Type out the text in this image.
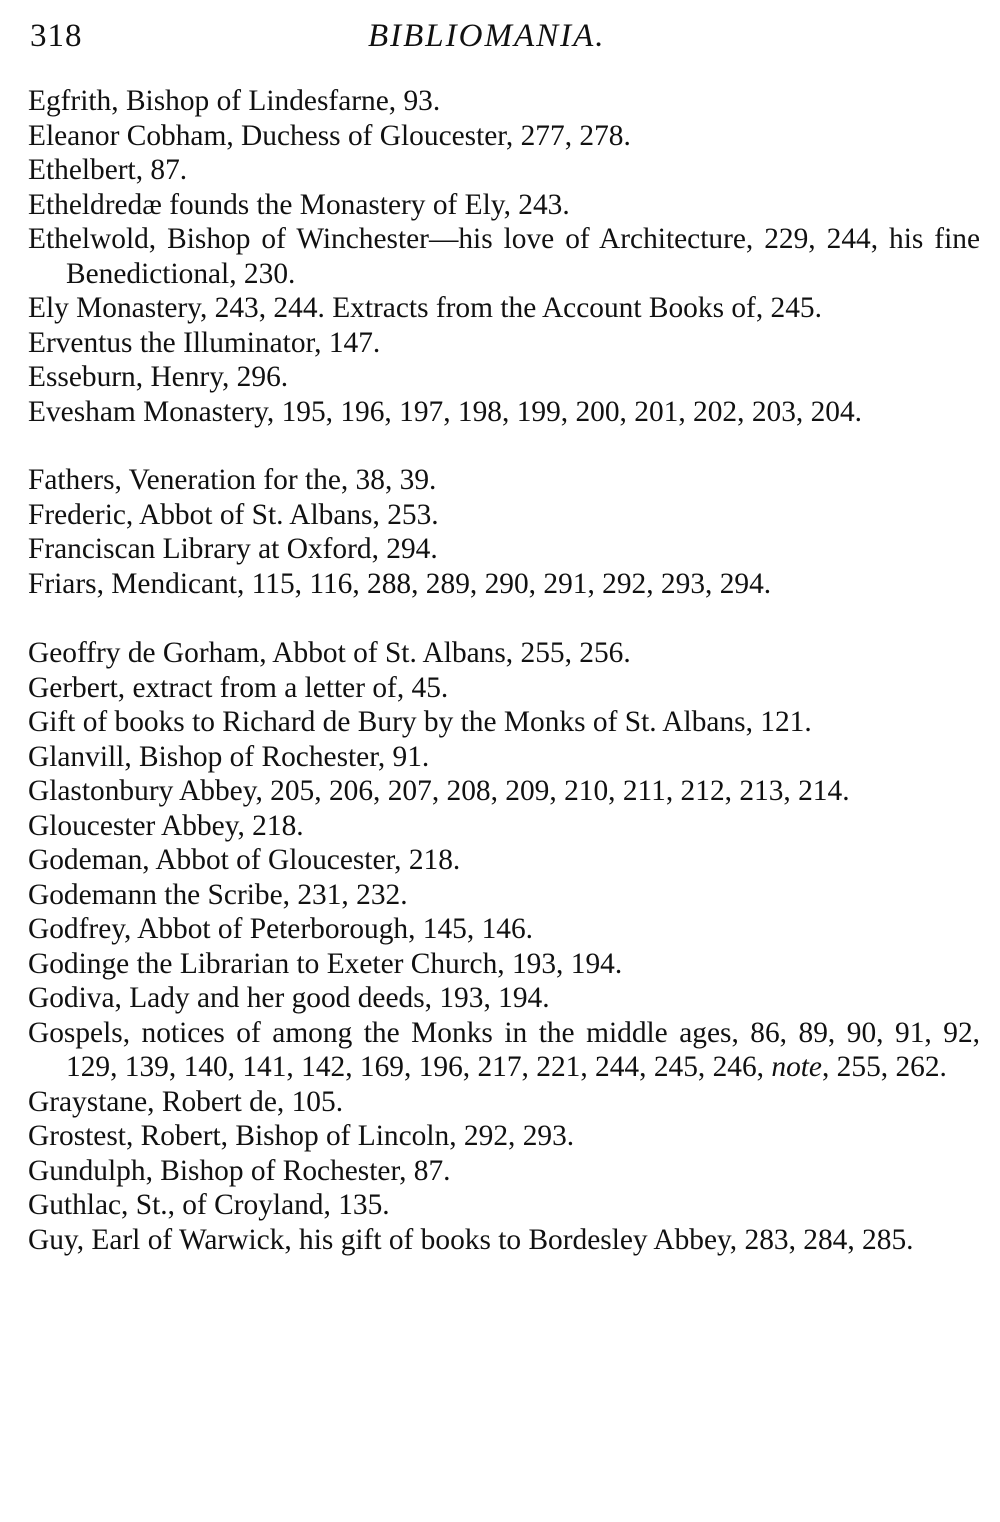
318	BIBLIOMANIA.

Egfrith, Bishop of Lindesfarne, 93.

Eleanor Cobham, Duchess of Gloucester, 277, 278.

Ethelbert, 87.

Etheldredæ founds the Monastery of Ely, 243.

Ethelwold, Bishop of Winchester—his love of Architecture, 229, 244, his fine Benedictional, 230.

Ely Monastery, 243, 244. Extracts from the Account Books of, 245.

Erventus the Illuminator, 147.

Esseburn, Henry, 296.

Evesham Monastery, 195, 196, 197, 198, 199, 200, 201, 202, 203, 204.

Fathers, Veneration for the, 38, 39.

Frederic, Abbot of St. Albans, 253.

Franciscan Library at Oxford, 294.

Friars, Mendicant, 115, 116, 288, 289, 290, 291, 292, 293, 294.

Geoffry de Gorham, Abbot of St. Albans, 255, 256.

Gerbert, extract from a letter of, 45.

Gift of books to Richard de Bury by the Monks of St. Albans, 121.

Glanvill, Bishop of Rochester, 91.

Glastonbury Abbey, 205, 206, 207, 208, 209, 210, 211, 212, 213, 214.

Gloucester Abbey, 218.

Godeman, Abbot of Gloucester, 218.

Godemann the Scribe, 231, 232.

Godfrey, Abbot of Peterborough, 145, 146.

Godinge the Librarian to Exeter Church, 193, 194.

Godiva, Lady and her good deeds, 193, 194.

Gospels, notices of among the Monks in the middle ages, 86, 89, 90, 91, 92, 129, 139, 140, 141, 142, 169, 196, 217, 221, 244, 245, 246, note, 255, 262.

Graystane, Robert de, 105.

Grostest, Robert, Bishop of Lincoln, 292, 293.

Gundulph, Bishop of Rochester, 87.

Guthlac, St., of Croyland, 135.

Guy, Earl of Warwick, his gift of books to Bordesley Abbey, 283, 284, 285.
